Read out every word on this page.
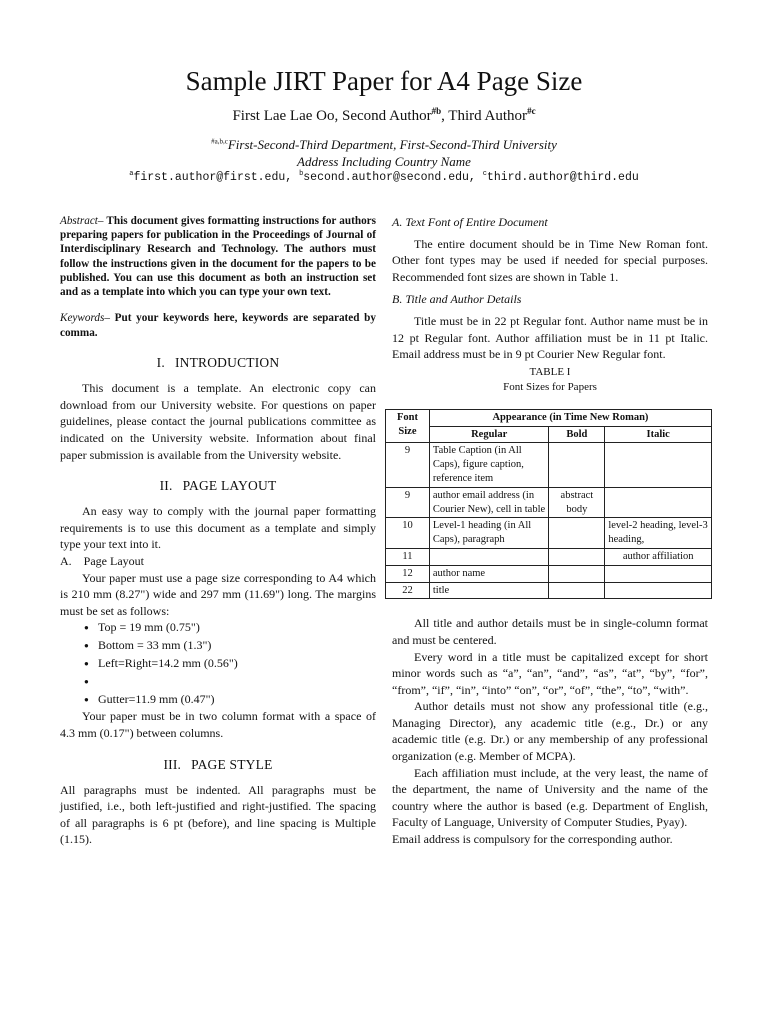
Sample JIRT Paper for A4 Page Size
First Lae Lae Oo, Second Author$^{\#b}$, Third Author$^{\#c}$
$^{\#a,b,c}$First-Second-Third Department, First-Second-Third University
Address Including Country Name
$^a$first.author@first.edu, $^b$second.author@second.edu, $^c$third.author@third.edu

Abstract– This document gives formatting instructions for authors preparing papers for publication in the Proceedings of Journal of Interdisciplinary Research and Technology. The authors must follow the instructions given in the document for the papers to be published. You can use this document as both an instruction set and as a template into which you can type your own text.

Keywords– Put your keywords here, keywords are separated by comma.

I. INTRODUCTION

This document is a template. An electronic copy can download from our University website. For questions on paper guidelines, please contact the journal publications committee as indicated on the University website. Information about final paper submission is available from the University website.

II. PAGE LAYOUT

An easy way to comply with the journal paper formatting requirements is to use this document as a template and simply type your text into it.

A. Page Layout

Your paper must use a page size corresponding to A4 which is 210 mm (8.27") wide and 297 mm (11.69") long. The margins must be set as follows:

● Top = 19 mm (0.75")
● Bottom = 33 mm (1.3")
● Left=Right=14.2 mm (0.56")
●
● Gutter=11.9 mm (0.47")

Your paper must be in two column format with a space of 4.3 mm (0.17") between columns.

III. PAGE STYLE

All paragraphs must be indented. All paragraphs must be justified, i.e., both left-justified and right-justified. The spacing of all paragraphs is 6 pt (before), and line spacing is Multiple (1.15).

A. Text Font of Entire Document

The entire document should be in Time New Roman font. Other font types may be used if needed for special purposes. Recommended font sizes are shown in Table 1.

B. Title and Author Details

Title must be in 22 pt Regular font. Author name must be in 12 pt Regular font. Author affiliation must be in 11 pt Italic. Email address must be in 9 pt Courier New Regular font.

TABLE I
Font Sizes for Papers
Font Size	Appearance (in Time New Roman)		
	Regular	Bold	Italic
9	Table Caption (in All Caps), figure caption, reference item		
9	author email address (in Courier New), cell in table	abstract body	
10	Level-1 heading (in All Caps), paragraph		level-2 heading, level-3 heading,
11			author affiliation
12	author name		
22	title		

All title and author details must be in single-column format and must be centered.

Every word in a title must be capitalized except for short minor words such as “a”, “an”, “and”, “as”, “at”, “by”, “for”, “from”, “if”, “in”, “into” “on”, “or”, “of”, “the”, “to”, “with”.

Author details must not show any professional title (e.g., Managing Director), any academic title (e.g., Dr.) or any academic title (e.g. Dr.) or any membership of any professional organization (e.g. Member of MCPA).

Each affiliation must include, at the very least, the name of the department, the name of University and the name of the country where the author is based (e.g. Department of English, Faculty of Language, University of Computer Studies, Pyay).

Email address is compulsory for the corresponding author.
